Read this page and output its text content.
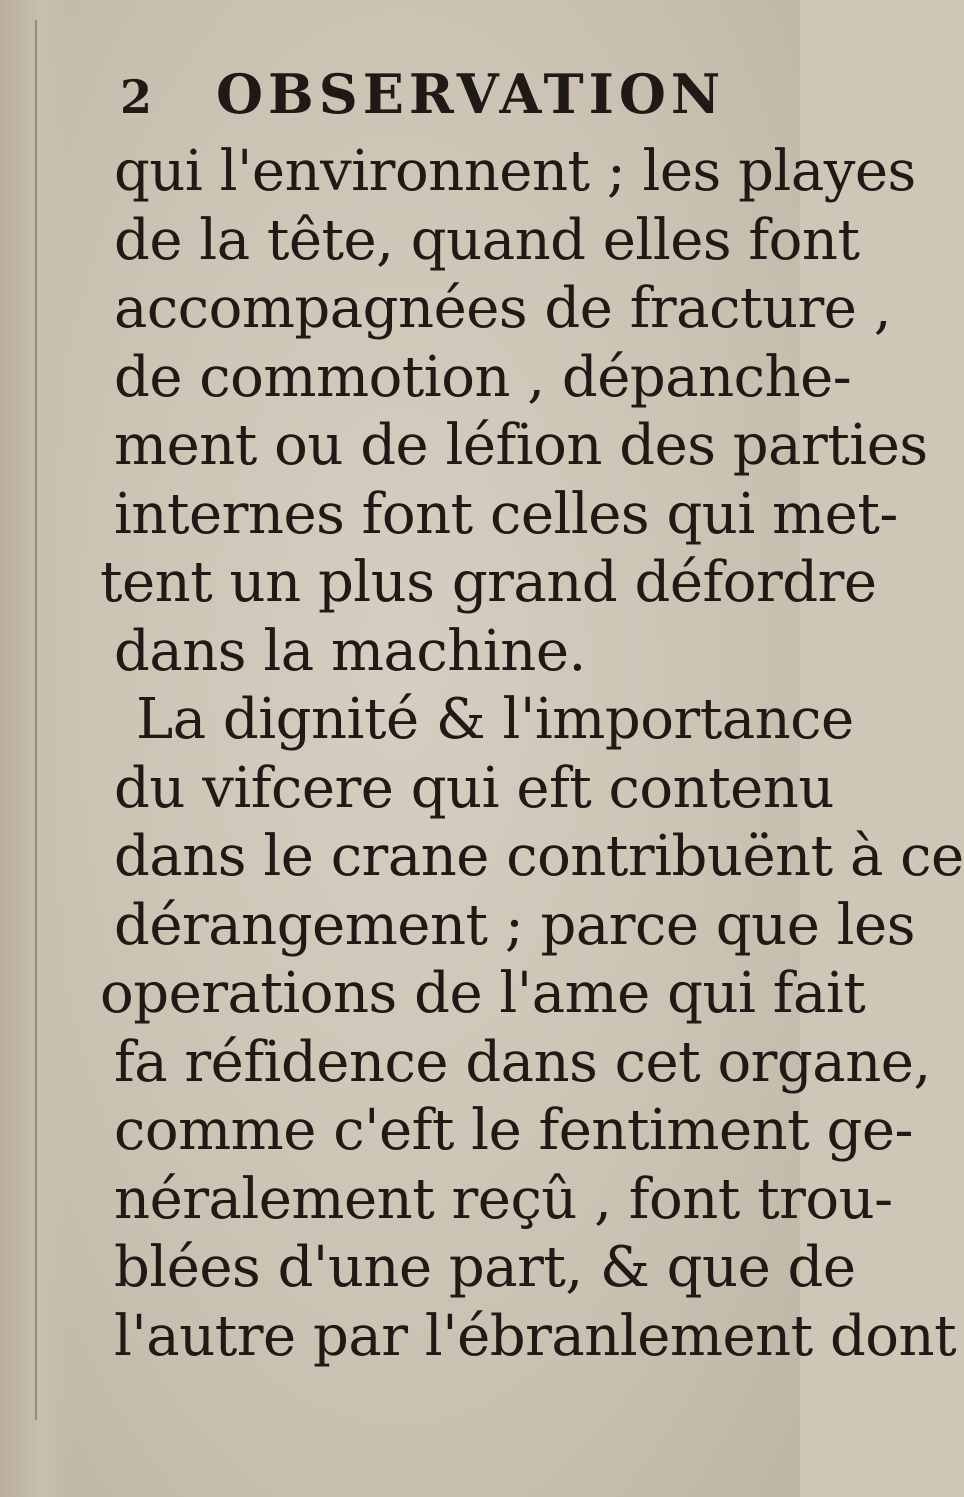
2 OBSERVATION
qui l'environnent ; les playes
de la tête, quand elles font
accompagnées de fracture ,
de commotion , dépanche-
ment ou de léfion des parties
internes font celles qui met-
tent un plus grand défordre
dans la machine.
La dignité & l'importance
du vifcere qui eft contenu
dans le crane contribuënt à ce
dérangement ; parce que les
operations de l'ame qui fait
fa réfidence dans cet organe,
comme c'eft le fentiment ge-
néralement reçû , font trou-
blées d'une part, & que de
l'autre par l'ébranlement dont
